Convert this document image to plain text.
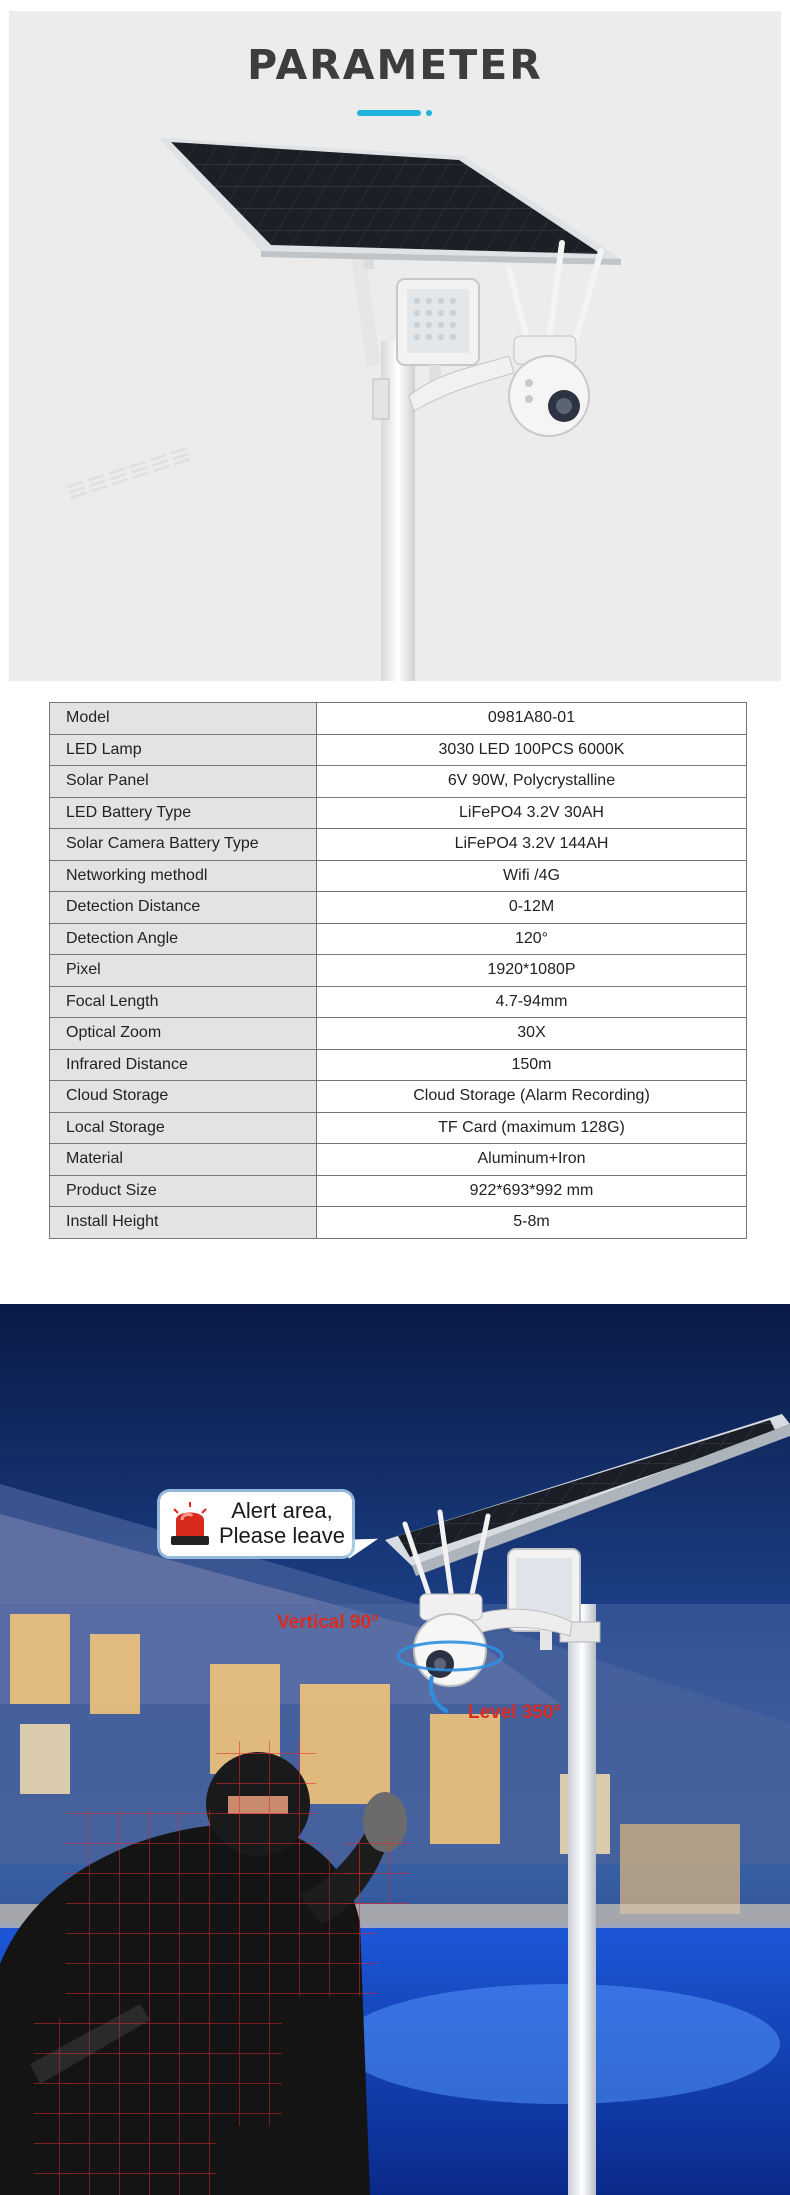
≡≡≡≡≡≡
PARAMETER
Model	0981A80-01
LED Lamp	3030 LED 100PCS 6000K
Solar Panel	6V 90W, Polycrystalline
LED Battery Type	LiFePO4 3.2V 30AH
Solar Camera Battery Type	LiFePO4 3.2V 144AH
Networking methodl	Wifi /4G
Detection Distance	0-12M
Detection Angle	120°
Pixel	1920*1080P
Focal Length	4.7-94mm
Optical Zoom	30X
Infrared Distance	150m
Cloud Storage	Cloud Storage (Alarm Recording)
Local Storage	TF Card (maximum 128G)
Material	Aluminum+Iron
Product Size	922*693*992 mm
Install Height	5-8m
Alert area,
Please leave
Vertical 90°
Level 350°
